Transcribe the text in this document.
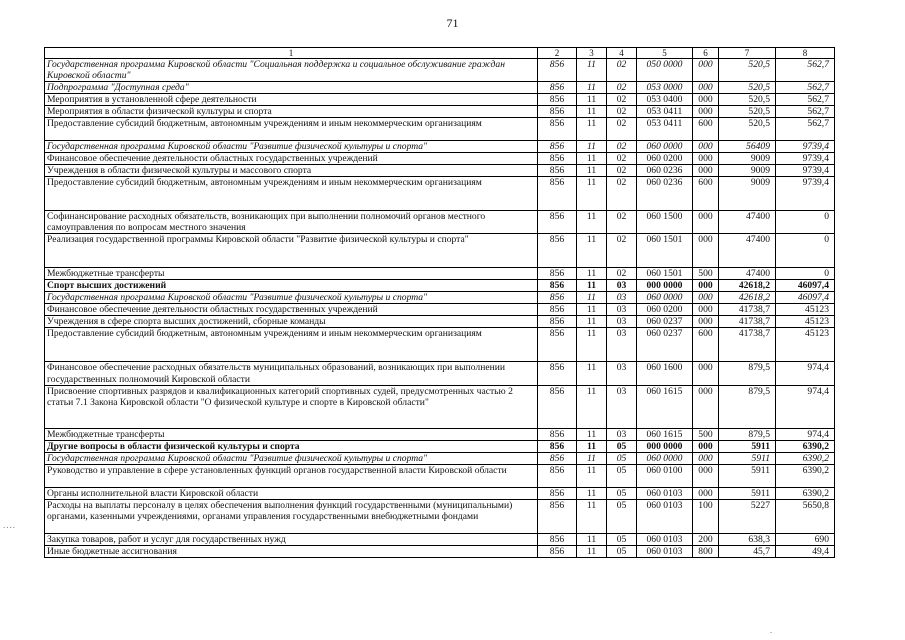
71
....
.
1	2	3	4	5	6	7	8
Государственная программа Кировской области "Социальная поддержка и социальное обслуживание граждан Кировской области"	856	11	02	050 0000	000	520,5	562,7
Подпрограмма "Доступная среда"	856	11	02	053 0000	000	520,5	562,7
Мероприятия в установленной сфере деятельности	856	11	02	053 0400	000	520,5	562,7
Мероприятия в области физической культуры и спорта	856	11	02	053 0411	000	520,5	562,7
Предоставление субсидий бюджетным, автономным учреждениям и иным некоммерческим организациям	856	11	02	053 0411	600	520,5	562,7
Государственная программа Кировской области "Развитие физической культуры и спорта"	856	11	02	060 0000	000	56409	9739,4
Финансовое обеспечение деятельности областных государственных учреждений	856	11	02	060 0200	000	9009	9739,4
Учреждения в области физической культуры и массового спорта	856	11	02	060 0236	000	9009	9739,4
Предоставление субсидий бюджетным, автономным учреждениям и иным некоммерческим организациям	856	11	02	060 0236	600	9009	9739,4
Софинансирование расходных обязательств, возникающих при выполнении полномочий органов местного самоуправления по вопросам местного значения	856	11	02	060 1500	000	47400	0
Реализация государственной программы Кировской области "Развитие физической культуры и спорта"	856	11	02	060 1501	000	47400	0
Межбюджетные трансферты	856	11	02	060 1501	500	47400	0
Спорт высших достижений	856	11	03	000 0000	000	42618,2	46097,4
Государственная программа Кировской области "Развитие физической культуры и спорта"	856	11	03	060 0000	000	42618,2	46097,4
Финансовое обеспечение деятельности областных государственных учреждений	856	11	03	060 0200	000	41738,7	45123
Учреждения в сфере спорта высших достижений, сборные команды	856	11	03	060 0237	000	41738,7	45123
Предоставление субсидий бюджетным, автономным учреждениям и иным некоммерческим организациям	856	11	03	060 0237	600	41738,7	45123
Финансовое обеспечение расходных обязательств муниципальных образований, возникающих при выполнении государственных полномочий Кировской области	856	11	03	060 1600	000	879,5	974,4
Присвоение спортивных разрядов и квалификационных категорий спортивных судей, предусмотренных частью 2 статьи 7.1 Закона Кировской области "О физической культуре и спорте в Кировской области"	856	11	03	060 1615	000	879,5	974,4
Межбюджетные трансферты	856	11	03	060 1615	500	879,5	974,4
Другие вопросы в области физической культуры и спорта	856	11	05	000 0000	000	5911	6390,2
Государственная программа Кировской области "Развитие физической культуры и спорта"	856	11	05	060 0000	000	5911	6390,2
Руководство и управление в сфере установленных функций органов государственной власти Кировской области	856	11	05	060 0100	000	5911	6390,2
Органы исполнительной власти Кировской области	856	11	05	060 0103	000	5911	6390,2
Расходы на выплаты персоналу в целях обеспечения выполнения функций государственными (муниципальными) органами, казенными учреждениями, органами управления государственными внебюджетными фондами	856	11	05	060 0103	100	5227	5650,8
Закупка товаров, работ и услуг для государственных нужд	856	11	05	060 0103	200	638,3	690
Иные бюджетные ассигнования	856	11	05	060 0103	800	45,7	49,4
